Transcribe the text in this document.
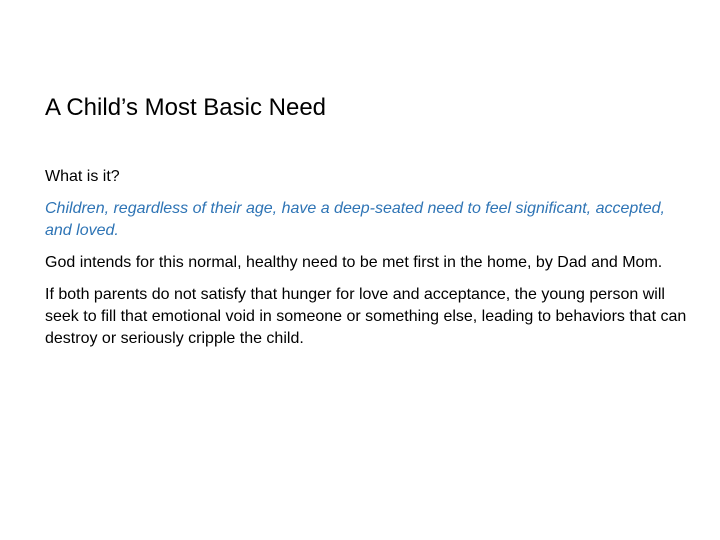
A Child’s Most Basic Need

What is it?

Children, regardless of their age, have a deep-seated need to feel significant, accepted, and loved.

God intends for this normal, healthy need to be met first in the home, by Dad and Mom.

If both parents do not satisfy that hunger for love and acceptance, the young person will seek to fill that emotional void in someone or something else, leading to behaviors that can destroy or seriously cripple the child.
